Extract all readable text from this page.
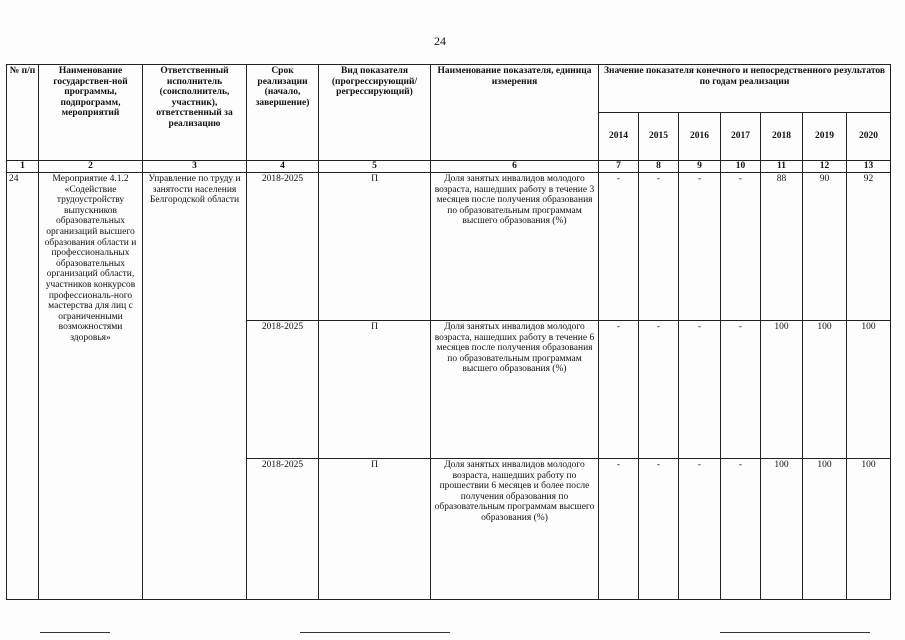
24
№ п/п	Наименование государствен-ной программы, подпрограмм, мероприятий	Ответственный исполнитель (соисполнитель, участник), ответственный за реализацию	Срок реализации (начало, завершение)	Вид показателя (прогрессирующий/ регрессирующий)	Наименование показателя, единица измерения	Значение показателя конечного и непосредственного результатов по годам реализации						
						2014	2015	2016	2017	2018	2019	2020
1	2	3	4	5	6	7	8	9	10	11	12	13
24	Мероприятие 4.1.2 «Содействие трудоустройству выпускников образовательных организаций высшего образования области и профессиональных образовательных организаций области, участников конкурсов профессиональ-ного мастерства для лиц с ограниченными возможностями здоровья»	Управление по труду и занятости населения Белгородской области	2018-2025	П	Доля занятых инвалидов молодого возраста, нашедших работу в течение 3 месяцев после получения образования по образовательным программам высшего образования (%)	-	-	-	-	88	90	92
			2018-2025	П	Доля занятых инвалидов молодого возраста, нашедших работу в течение 6 месяцев после получения образования по образовательным программам высшего образования (%)	-	-	-	-	100	100	100
			2018-2025	П	Доля занятых инвалидов молодого возраста, нашедших работу по прошествии 6 месяцев и более после получения образования по образовательным программам высшего образования (%)	-	-	-	-	100	100	100
